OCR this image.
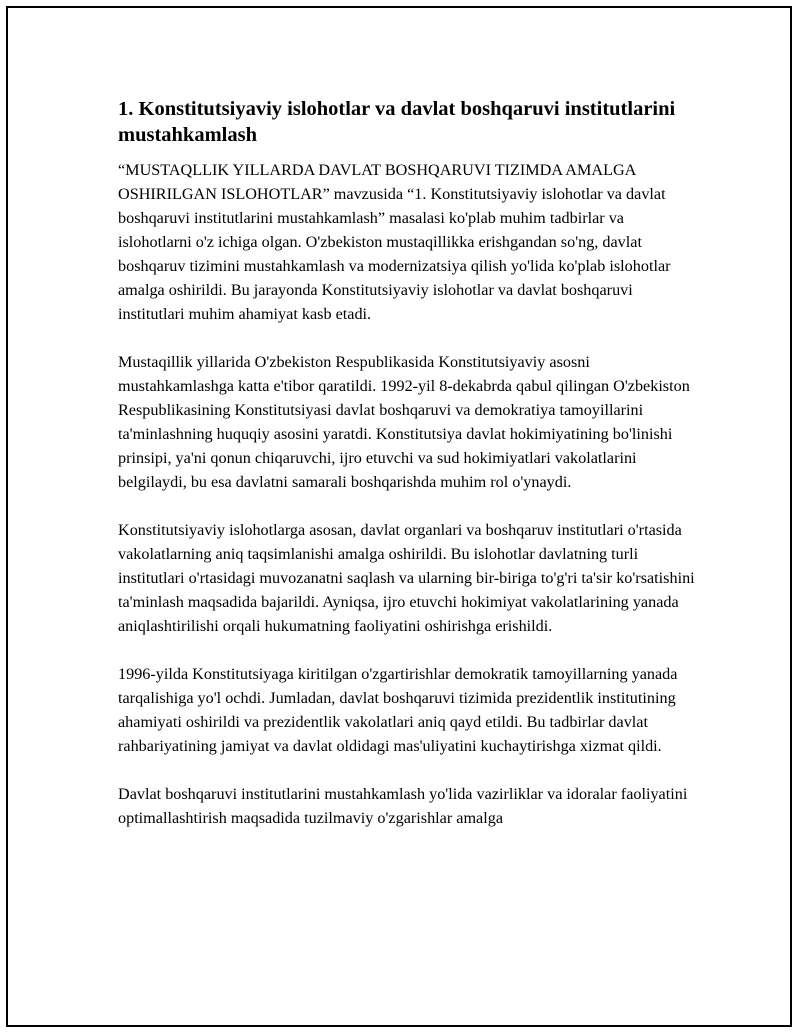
1. Konstitutsiyaviy islohotlar va davlat boshqaruvi institutlarini mustahkamlash

“MUSTAQLLIK YILLARDA DAVLAT BOSHQARUVI TIZIMDA AMALGA OSHIRILGAN ISLOHOTLAR” mavzusida “1. Konstitutsiyaviy islohotlar va davlat boshqaruvi institutlarini mustahkamlash” masalasi ko'plab muhim tadbirlar va islohotlarni o'z ichiga olgan. O'zbekiston mustaqillikka erishgandan so'ng, davlat boshqaruv tizimini mustahkamlash va modernizatsiya qilish yo'lida ko'plab islohotlar amalga oshirildi. Bu jarayonda Konstitutsiyaviy islohotlar va davlat boshqaruvi institutlari muhim ahamiyat kasb etadi.

Mustaqillik yillarida O'zbekiston Respublikasida Konstitutsiyaviy asosni mustahkamlashga katta e'tibor qaratildi. 1992-yil 8-dekabrda qabul qilingan O'zbekiston Respublikasining Konstitutsiyasi davlat boshqaruvi va demokratiya tamoyillarini ta'minlashning huquqiy asosini yaratdi. Konstitutsiya davlat hokimiyatining bo'linishi prinsipi, ya'ni qonun chiqaruvchi, ijro etuvchi va sud hokimiyatlari vakolatlarini belgilaydi, bu esa davlatni samarali boshqarishda muhim rol o'ynaydi.

Konstitutsiyaviy islohotlarga asosan, davlat organlari va boshqaruv institutlari o'rtasida vakolatlarning aniq taqsimlanishi amalga oshirildi. Bu islohotlar davlatning turli institutlari o'rtasidagi muvozanatni saqlash va ularning bir-biriga to'g'ri ta'sir ko'rsatishini ta'minlash maqsadida bajarildi. Ayniqsa, ijro etuvchi hokimiyat vakolatlarining yanada aniqlashtirilishi orqali hukumatning faoliyatini oshirishga erishildi.

1996-yilda Konstitutsiyaga kiritilgan o'zgartirishlar demokratik tamoyillarning yanada tarqalishiga yo'l ochdi. Jumladan, davlat boshqaruvi tizimida prezidentlik institutining ahamiyati oshirildi va prezidentlik vakolatlari aniq qayd etildi. Bu tadbirlar davlat rahbariyatining jamiyat va davlat oldidagi mas'uliyatini kuchaytirishga xizmat qildi.

Davlat boshqaruvi institutlarini mustahkamlash yo'lida vazirliklar va idoralar faoliyatini optimallashtirish maqsadida tuzilmaviy o'zgarishlar amalga
